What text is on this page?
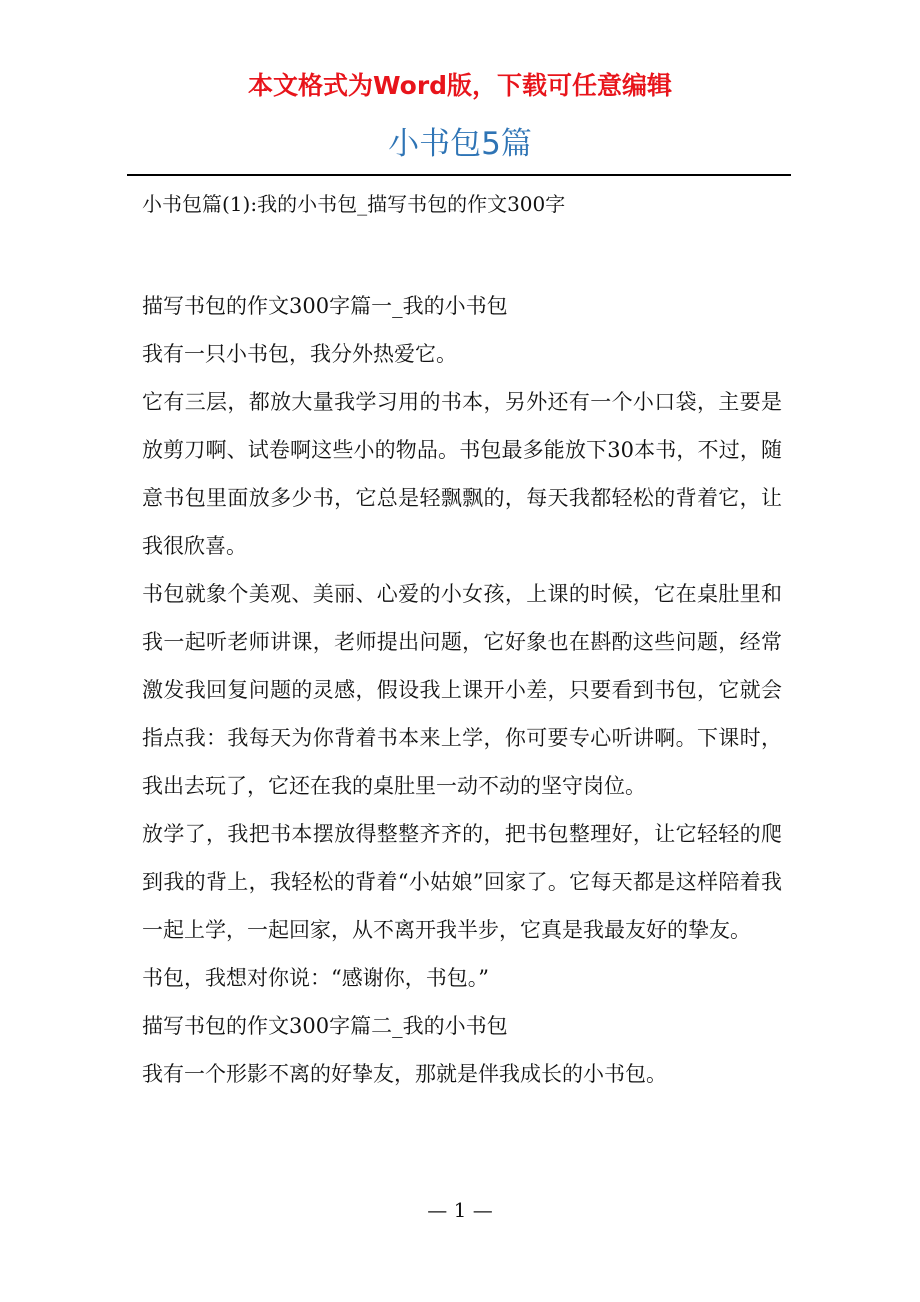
本文格式为Word版，下载可任意编辑
小书包5篇

小书包篇(1):我的小书包_描写书包的作文300字

描写书包的作文300字篇一_我的小书包

我有一只小书包，我分外热爱它。

它有三层，都放大量我学习用的书本，另外还有一个小口袋，主要是放剪刀啊、试卷啊这些小的物品。书包最多能放下30本书，不过，随意书包里面放多少书，它总是轻飘飘的，每天我都轻松的背着它，让我很欣喜。

书包就象个美观、美丽、心爱的小女孩，上课的时候，它在桌肚里和我一起听老师讲课，老师提出问题，它好象也在斟酌这些问题，经常激发我回复问题的灵感，假设我上课开小差，只要看到书包，它就会指点我：我每天为你背着书本来上学，你可要专心听讲啊。下课时，我出去玩了，它还在我的桌肚里一动不动的坚守岗位。

放学了，我把书本摆放得整整齐齐的，把书包整理好，让它轻轻的爬到我的背上，我轻松的背着“小姑娘”回家了。它每天都是这样陪着我一起上学，一起回家，从不离开我半步，它真是我最友好的挚友。

书包，我想对你说：“感谢你，书包。”

描写书包的作文300字篇二_我的小书包

我有一个形影不离的好挚友，那就是伴我成长的小书包。

— 1 —
